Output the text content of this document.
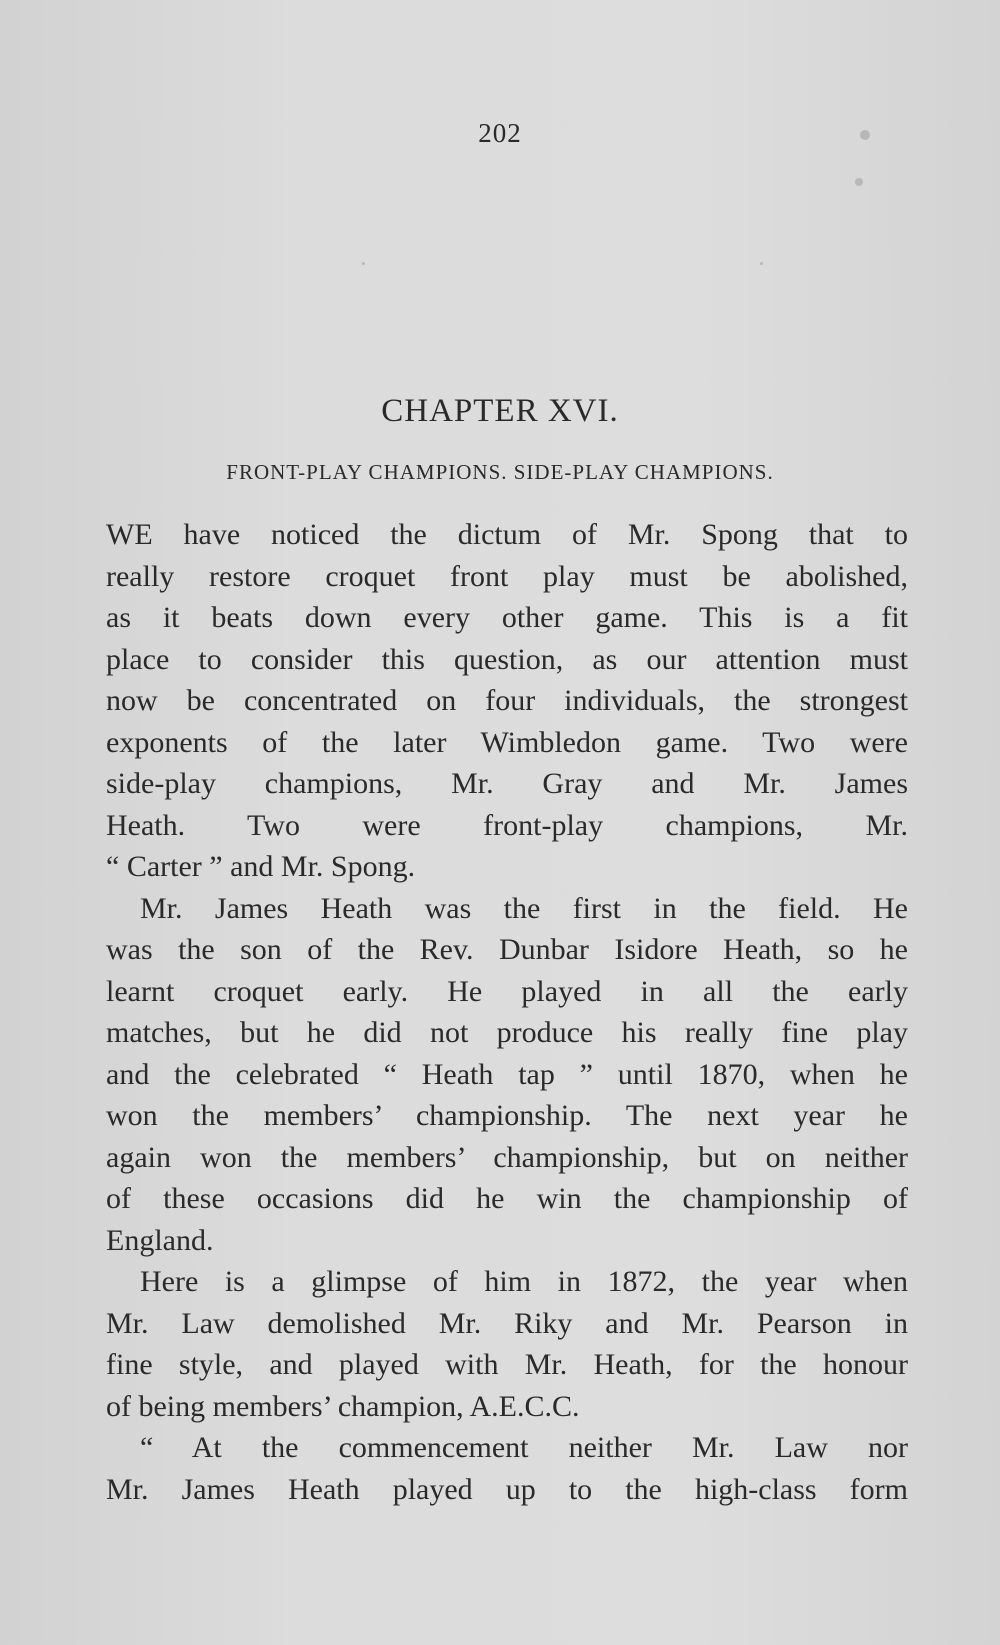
202
CHAPTER XVI.
FRONT-PLAY CHAMPIONS. SIDE-PLAY CHAMPIONS.
WE have noticed the dictum of Mr. Spong that to
really restore croquet front play must be abolished,
as it beats down every other game. This is a fit
place to consider this question, as our attention must
now be concentrated on four individuals, the strongest
exponents of the later Wimbledon game. Two were
side-play champions, Mr. Gray and Mr. James
Heath. Two were front-play champions, Mr.
“ Carter ” and Mr. Spong.
Mr. James Heath was the first in the field. He
was the son of the Rev. Dunbar Isidore Heath, so he
learnt croquet early. He played in all the early
matches, but he did not produce his really fine play
and the celebrated “ Heath tap ” until 1870, when he
won the members’ championship. The next year he
again won the members’ championship, but on neither
of these occasions did he win the championship of
England.
Here is a glimpse of him in 1872, the year when
Mr. Law demolished Mr. Riky and Mr. Pearson in
fine style, and played with Mr. Heath, for the honour
of being members’ champion, A.E.C.C.
“ At the commencement neither Mr. Law nor
Mr. James Heath played up to the high-class form
